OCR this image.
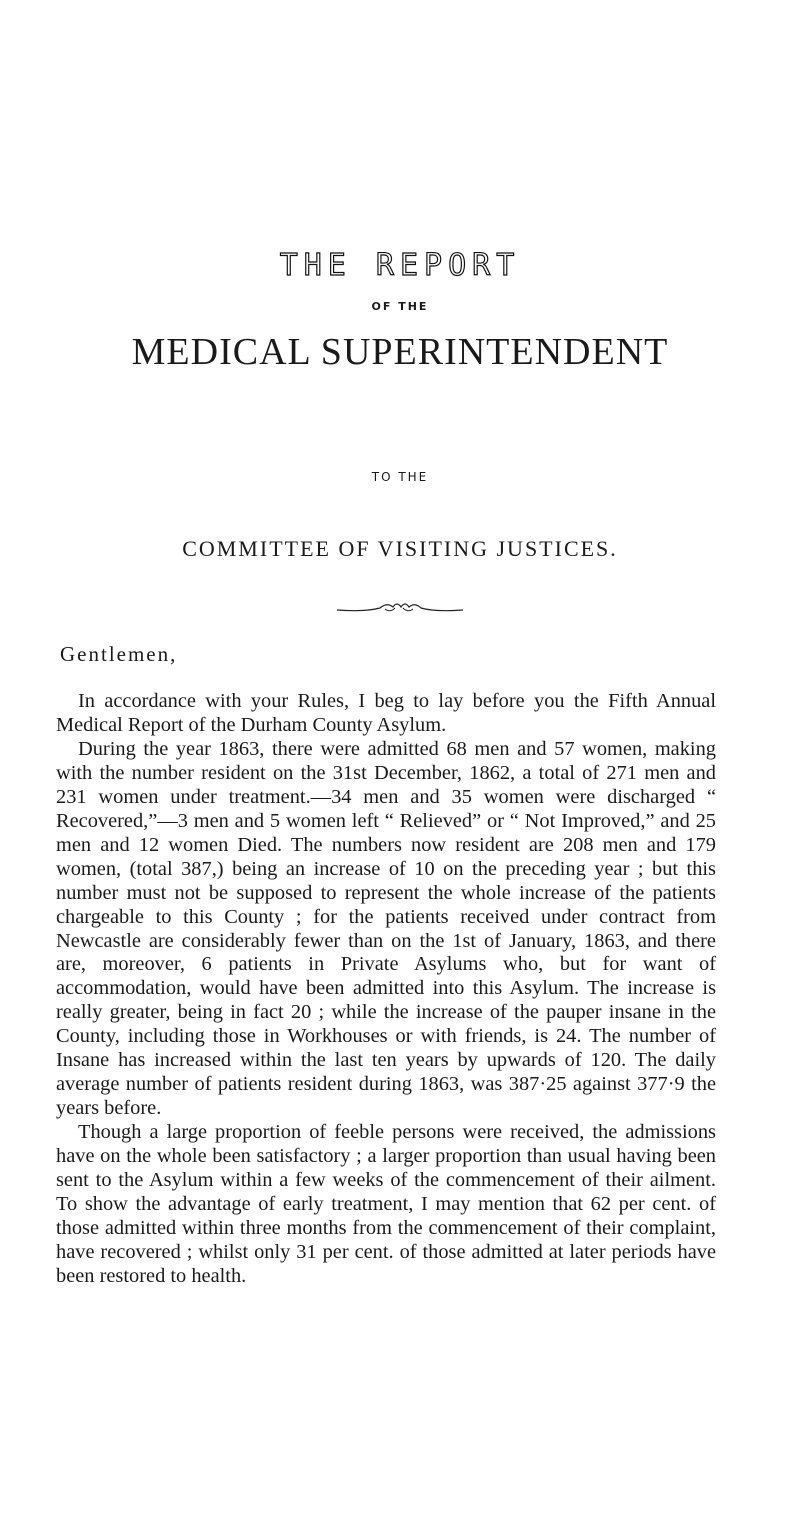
THE REPORT
OF THE
MEDICAL SUPERINTENDENT
TO THE
COMMITTEE OF VISITING JUSTICES.
Gentlemen,

In accordance with your Rules, I beg to lay before you the Fifth Annual Medical Report of the Durham County Asylum.

During the year 1863, there were admitted 68 men and 57 women, making with the number resident on the 31st December, 1862, a total of 271 men and 231 women under treatment.—34 men and 35 women were discharged “ Recovered,”—3 men and 5 women left “ Relieved” or “ Not Improved,” and 25 men and 12 women Died. The numbers now resident are 208 men and 179 women, (total 387,) being an increase of 10 on the preceding year ; but this number must not be supposed to represent the whole increase of the patients chargeable to this County ; for the patients received under contract from Newcastle are considerably fewer than on the 1st of January, 1863, and there are, moreover, 6 patients in Private Asylums who, but for want of accommodation, would have been admitted into this Asylum. The increase is really greater, being in fact 20 ; while the increase of the pauper insane in the County, including those in Workhouses or with friends, is 24. The number of Insane has increased within the last ten years by upwards of 120. The daily average number of patients resident during 1863, was 387·25 against 377·9 the years before.

Though a large proportion of feeble persons were received, the admissions have on the whole been satisfactory ; a larger proportion than usual having been sent to the Asylum within a few weeks of the commencement of their ailment. To show the advantage of early treatment, I may mention that 62 per cent. of those admitted within three months from the commencement of their complaint, have recovered ; whilst only 31 per cent. of those admitted at later periods have been restored to health.
